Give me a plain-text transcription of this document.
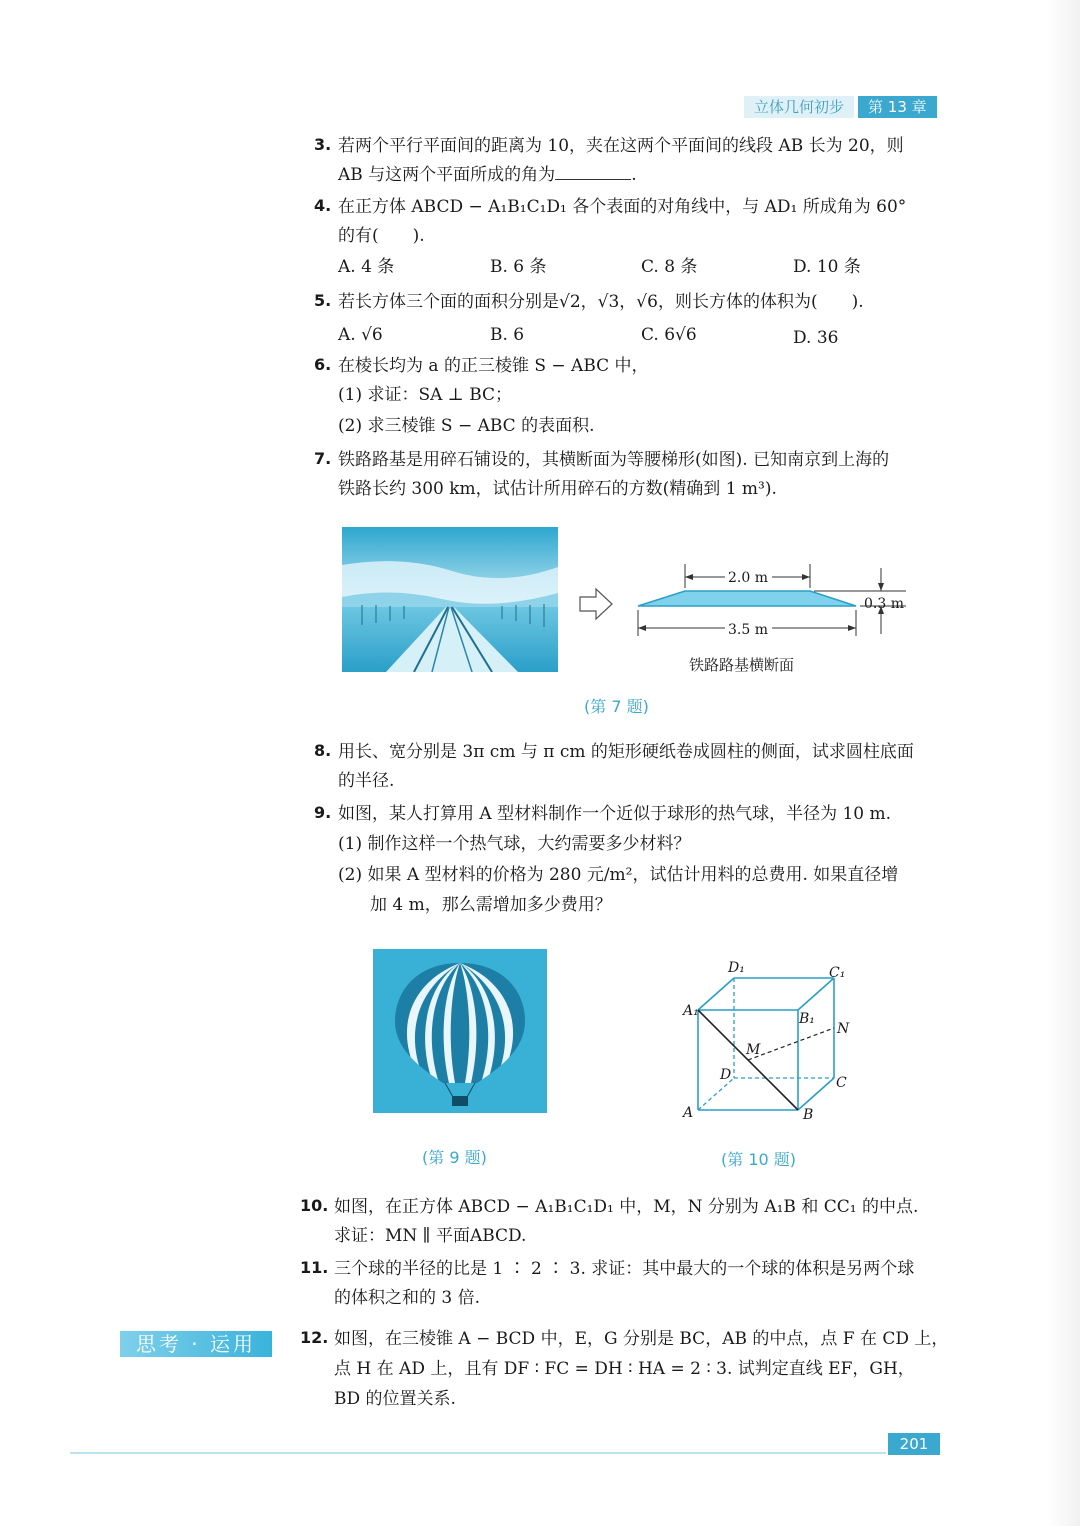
立体几何初步	第 13 章
3. 若两个平行平面间的距离为 10，夹在这两个平面间的线段 AB 长为 20，则
AB 与这两个平面所成的角为	.
4. 在正方体 ABCD − A₁B₁C₁D₁ 各个表面的对角线中，与 AD₁ 所成角为 60°
的有(　　).
A. 4 条	B. 6 条	C. 8 条	D. 10 条
5. 若长方体三个面的面积分别是√2，√3，√6，则长方体的体积为(　　).
A. √6	B. 6	C. 6√6	D. 36
6. 在棱长均为 a 的正三棱锥 S − ABC 中，
(1) 求证：SA ⊥ BC；
(2) 求三棱锥 S − ABC 的表面积.
7. 铁路路基是用碎石铺设的，其横断面为等腰梯形(如图). 已知南京到上海的
铁路长约 300 km，试估计所用碎石的方数(精确到 1 m³).
2.0 m
3.5 m
0.3 m
铁路路基横断面
(第 7 题)
8. 用长、宽分别是 3π cm 与 π cm 的矩形硬纸卷成圆柱的侧面，试求圆柱底面
的半径.
9. 如图，某人打算用 A 型材料制作一个近似于球形的热气球，半径为 10 m.
(1) 制作这样一个热气球，大约需要多少材料？
(2) 如果 A 型材料的价格为 280 元/m²，试估计用料的总费用. 如果直径增
加 4 m，那么需增加多少费用？
(第 9 题)
D₁	C₁
A₁	B₁
N
M
D	C
A	B
(第 10 题)
10. 如图，在正方体 ABCD − A₁B₁C₁D₁ 中，M，N 分别为 A₁B 和 CC₁ 的中点.
求证：MN ∥ 平面ABCD.
11. 三个球的半径的比是 1 ∶ 2 ∶ 3. 求证：其中最大的一个球的体积是另两个球
的体积之和的 3 倍.
思考 · 运用	12. 如图，在三棱锥 A − BCD 中，E，G 分别是 BC，AB 的中点，点 F 在 CD 上，
点 H 在 AD 上，且有 DF ∶ FC = DH ∶ HA = 2 ∶ 3. 试判定直线 EF，GH，
BD 的位置关系.
201
